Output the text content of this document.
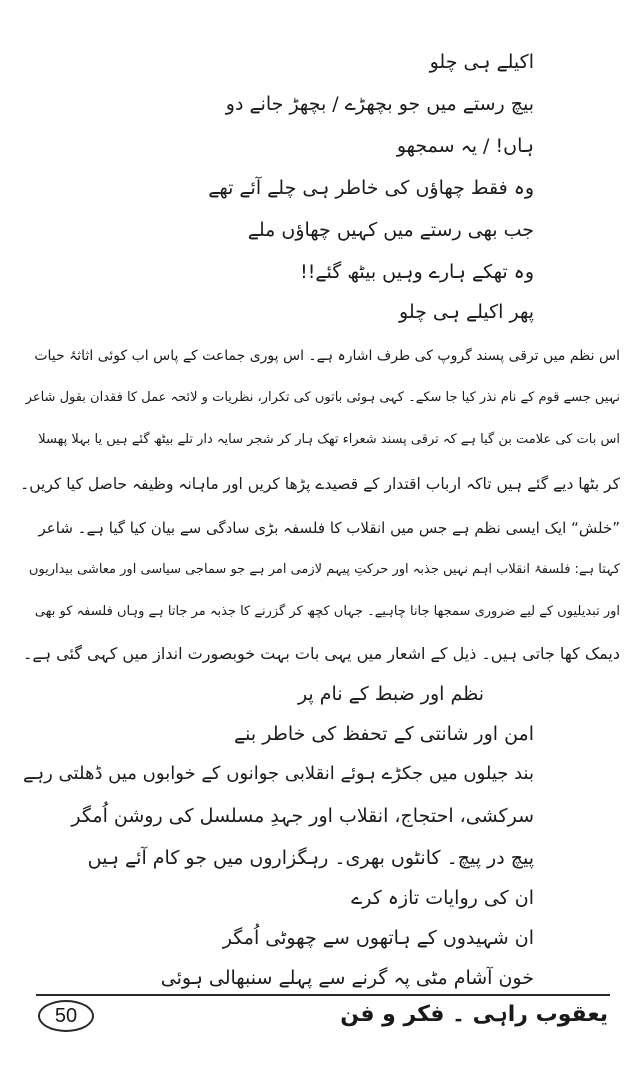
اکیلے ہی چلو
بیچ رستے میں جو بچھڑے / بچھڑ جانے دو
ہاں! / یہ سمجھو
وہ فقط چھاؤں کی خاطر ہی چلے آئے تھے
جب بھی رستے میں کہیں چھاؤں ملے
وہ تھکے ہارے وہیں بیٹھ گئے!!
پھر اکیلے ہی چلو
اس نظم میں ترقی پسند گروپ کی طرف اشارہ ہے۔ اس پوری جماعت کے پاس اب کوئی اثاثۂ حیات
نہیں جسے قوم کے نام نذر کیا جا سکے۔ کہی ہوئی باتوں کی تکرار، نظریات و لائحہ عمل کا فقدان بقول شاعر
اس بات کی علامت بن گیا ہے کہ ترقی پسند شعراء تھک ہار کر شجر سایہ دار تلے بیٹھ گئے ہیں یا بہلا پھسلا
کر بٹھا دیے گئے ہیں تاکہ ارباب اقتدار کے قصیدے پڑھا کریں اور ماہانہ وظیفہ حاصل کیا کریں۔
”خلش“ ایک ایسی نظم ہے جس میں انقلاب کا فلسفہ بڑی سادگی سے بیان کیا گیا ہے۔ شاعر
کہتا ہے: فلسفۂ انقلاب اہم نہیں جذبہ اور حرکتِ پیہم لازمی امر ہے جو سماجی سیاسی اور معاشی بیداریوں
اور تبدیلیوں کے لیے ضروری سمجھا جانا چاہیے۔ جہاں کچھ کر گزرنے کا جذبہ مر جاتا ہے وہاں فلسفہ کو بھی
دیمک کھا جاتی ہیں۔ ذیل کے اشعار میں یہی بات بہت خوبصورت انداز میں کہی گئی ہے۔
نظم اور ضبط کے نام پر
امن اور شانتی کے تحفظ کی خاطر بنے
بند جیلوں میں جکڑے ہوئے انقلابی جوانوں کے خوابوں میں ڈھلتی رہے
سرکشی، احتجاج، انقلاب اور جہدِ مسلسل کی روشن اُمگر
پیچ در پیچ۔ کانٹوں بھری۔ رہگزاروں میں جو کام آئے ہیں
ان کی روایات تازہ کرے
ان شہیدوں کے ہاتھوں سے چھوٹی اُمگر
خون آشام مٹی پہ گرنے سے پہلے سنبھالی ہوئی
50	یعقوب راہی ۔ فکر و فن
